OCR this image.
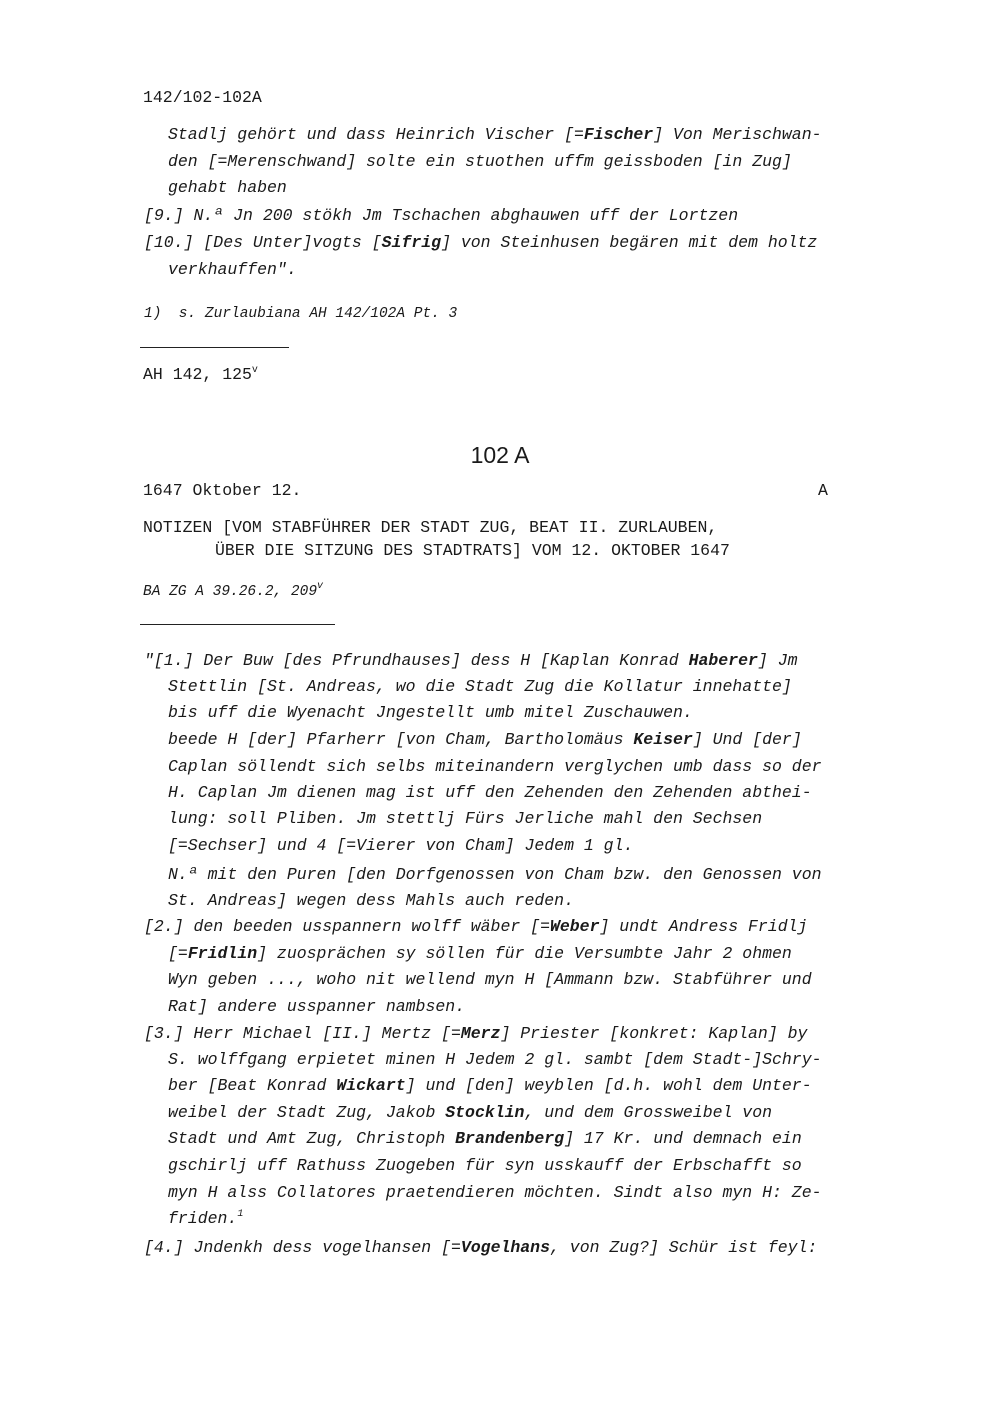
142/102-102A
Stadlj gehört und dass Heinrich Vischer [=Fischer] Von Merischwan-
den [=Merenschwand] solte ein stuothen uffm geissboden [in Zug]
gehabt haben
[9.] N.ª Jn 200 stökh Jm Tschachen abghauwen uff der Lortzen
[10.] [Des Unter]vogts [Sifrig] von Steinhusen begären mit dem holtz
verkhauffen".
1)  s. Zurlaubiana AH 142/102A Pt. 3
AH 142, 125$^v$
102 A
1647 Oktober 12.	A
NOTIZEN [VOM STABFÜHRER DER STADT ZUG, BEAT II. ZURLAUBEN,
ÜBER DIE SITZUNG DES STADTRATS] VOM 12. OKTOBER 1647
BA ZG A 39.26.2, 209$^v$
"[1.] Der Buw [des Pfrundhauses] dess H [Kaplan Konrad Haberer] Jm
Stettlin [St. Andreas, wo die Stadt Zug die Kollatur innehatte]
bis uff die Wyenacht Jngestellt umb mitel Zuschauwen.
beede H [der] Pfarherr [von Cham, Bartholomäus Keiser] Und [der]
Caplan söllendt sich selbs miteinandern verglychen umb dass so der
H. Caplan Jm dienen mag ist uff den Zehenden den Zehenden abthei-
lung: soll Pliben. Jm stettlj Fürs Jerliche mahl den Sechsen
[=Sechser] und 4 [=Vierer von Cham] Jedem 1 gl.
N.ª mit den Puren [den Dorfgenossen von Cham bzw. den Genossen von
St. Andreas] wegen dess Mahls auch reden.
[2.] den beeden usspannern wolff wäber [=Weber] undt Andress Fridlj
[=Fridlin] zuosprächen sy söllen für die Versumbte Jahr 2 ohmen
Wyn geben ..., woho nit wellend myn H [Ammann bzw. Stabführer und
Rat] andere usspanner nambsen.
[3.] Herr Michael [II.] Mertz [=Merz] Priester [konkret: Kaplan] by
S. wolffgang erpietet minen H Jedem 2 gl. sambt [dem Stadt-]Schry-
ber [Beat Konrad Wickart] und [den] weyblen [d.h. wohl dem Unter-
weibel der Stadt Zug, Jakob Stocklin, und dem Grossweibel von
Stadt und Amt Zug, Christoph Brandenberg] 17 Kr. und demnach ein
gschirlj uff Rathuss Zuogeben für syn usskauff der Erbschafft so
myn H alss Collatores praetendieren möchten. Sindt also myn H: Ze-
friden.$^1$
[4.] Jndenkh dess vogelhansen [=Vogelhans, von Zug?] Schür ist feyl:
